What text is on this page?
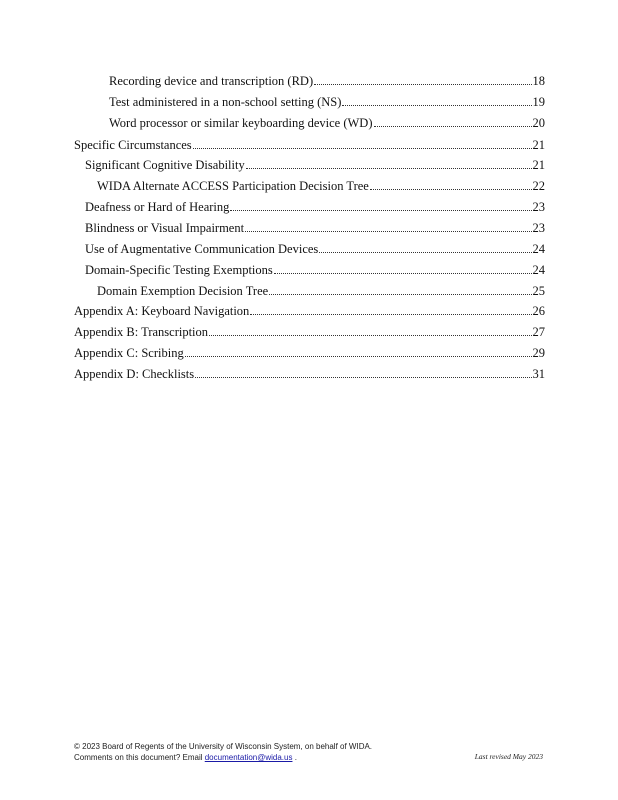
Recording device and transcription (RD)	18
Test administered in a non-school setting (NS)	19
Word processor or similar keyboarding device (WD)	20
Specific Circumstances	21
Significant Cognitive Disability	21
WIDA Alternate ACCESS Participation Decision Tree	22
Deafness or Hard of Hearing	23
Blindness or Visual Impairment	23
Use of Augmentative Communication Devices	24
Domain-Specific Testing Exemptions	24
Domain Exemption Decision Tree	25
Appendix A: Keyboard Navigation	26
Appendix B: Transcription	27
Appendix C: Scribing	29
Appendix D: Checklists	31
© 2023 Board of Regents of the University of Wisconsin System, on behalf of WIDA.
Comments on this document? Email documentation@wida.us .	Last revised May 2023
